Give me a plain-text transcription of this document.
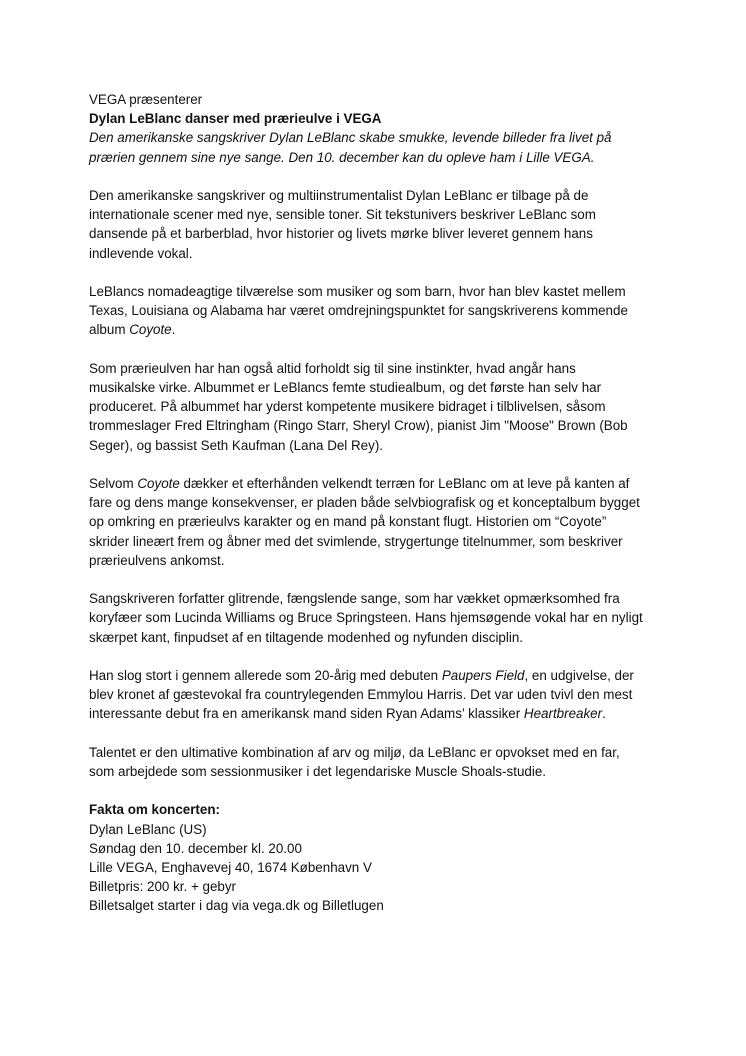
VEGA præsenterer
Dylan LeBlanc danser med prærieulve i VEGA

Den amerikanske sangskriver Dylan LeBlanc skabe smukke, levende billeder fra livet på
prærien gennem sine nye sange. Den 10. december kan du opleve ham i Lille VEGA.

Den amerikanske sangskriver og multiinstrumentalist Dylan LeBlanc er tilbage på de
internationale scener med nye, sensible toner. Sit tekstunivers beskriver LeBlanc som
dansende på et barberblad, hvor historier og livets mørke bliver leveret gennem hans
indlevende vokal.

LeBlancs nomadeagtige tilværelse som musiker og som barn, hvor han blev kastet mellem
Texas, Louisiana og Alabama har været omdrejningspunktet for sangskriverens kommende
album Coyote.

Som prærieulven har han også altid forholdt sig til sine instinkter, hvad angår hans
musikalske virke. Albummet er LeBlancs femte studiealbum, og det første han selv har
produceret. På albummet har yderst kompetente musikere bidraget i tilblivelsen, såsom
trommeslager Fred Eltringham (Ringo Starr, Sheryl Crow), pianist Jim "Moose" Brown (Bob
Seger), og bassist Seth Kaufman (Lana Del Rey).

Selvom Coyote dækker et efterhånden velkendt terræn for LeBlanc om at leve på kanten af
fare og dens mange konsekvenser, er pladen både selvbiografisk og et konceptalbum bygget
op omkring en prærieulvs karakter og en mand på konstant flugt. Historien om “Coyote”
skrider lineært frem og åbner med det svimlende, strygertunge titelnummer, som beskriver
prærieulvens ankomst.

Sangskriveren forfatter glitrende, fængslende sange, som har vækket opmærksomhed fra
koryfæer som Lucinda Williams og Bruce Springsteen. Hans hjemsøgende vokal har en nyligt
skærpet kant, finpudset af en tiltagende modenhed og nyfunden disciplin.

Han slog stort i gennem allerede som 20-årig med debuten Paupers Field, en udgivelse, der
blev kronet af gæstevokal fra countrylegenden Emmylou Harris. Det var uden tvivl den mest
interessante debut fra en amerikansk mand siden Ryan Adams’ klassiker Heartbreaker.

Talentet er den ultimative kombination af arv og miljø, da LeBlanc er opvokset med en far,
som arbejdede som sessionmusiker i det legendariske Muscle Shoals-studie.

Fakta om koncerten:
Dylan LeBlanc (US)
Søndag den 10. december kl. 20.00
Lille VEGA, Enghavevej 40, 1674 København V
Billetpris: 200 kr. + gebyr
Billetsalget starter i dag via vega.dk og Billetlugen
